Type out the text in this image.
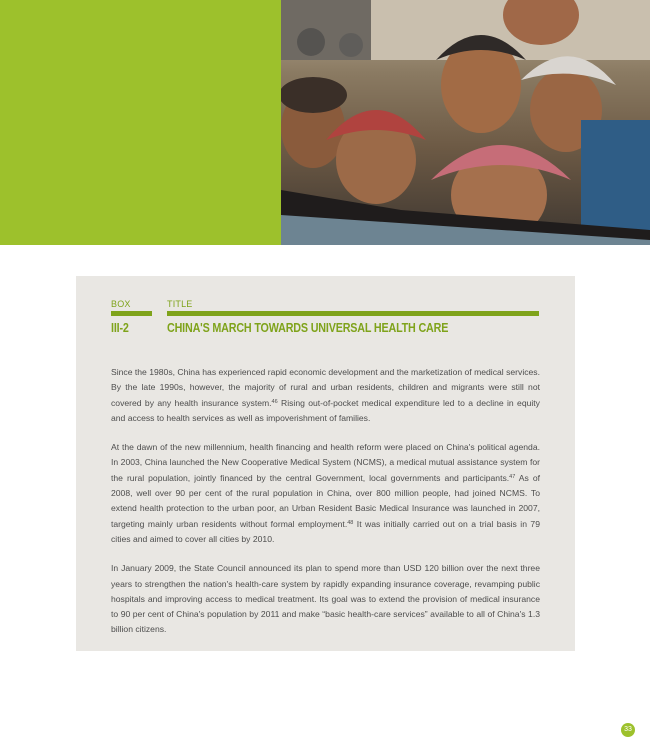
BOX	TITLE
III-2	CHINA'S MARCH TOWARDS UNIVERSAL HEALTH CARE

Since the 1980s, China has experienced rapid economic development and the marketization of medical services. By the late 1990s, however, the majority of rural and urban residents, children and migrants were still not covered by any health insurance system.$^{46}$ Rising out-of-pocket medical expenditure led to a decline in equity and access to health services as well as impoverishment of families.

At the dawn of the new millennium, health financing and health reform were placed on China's political agenda. In 2003, China launched the New Cooperative Medical System (NCMS), a medical mutual assistance system for the rural population, jointly financed by the central Government, local governments and participants.$^{47}$ As of 2008, well over 90 per cent of the rural population in China, over 800 million people, had joined NCMS. To extend health protection to the urban poor, an Urban Resident Basic Medical Insurance was launched in 2007, targeting mainly urban residents without formal employment.$^{48}$ It was initially carried out on a trial basis in 79 cities and aimed to cover all cities by 2010.

In January 2009, the State Council announced its plan to spend more than USD 120 billion over the next three years to strengthen the nation's health-care system by rapidly expanding insurance coverage, revamping public hospitals and improving access to medical treatment. Its goal was to extend the provision of medical insurance to 90 per cent of China's population by 2011 and make “basic health-care services” available to all of China's 1.3 billion citizens.

33
